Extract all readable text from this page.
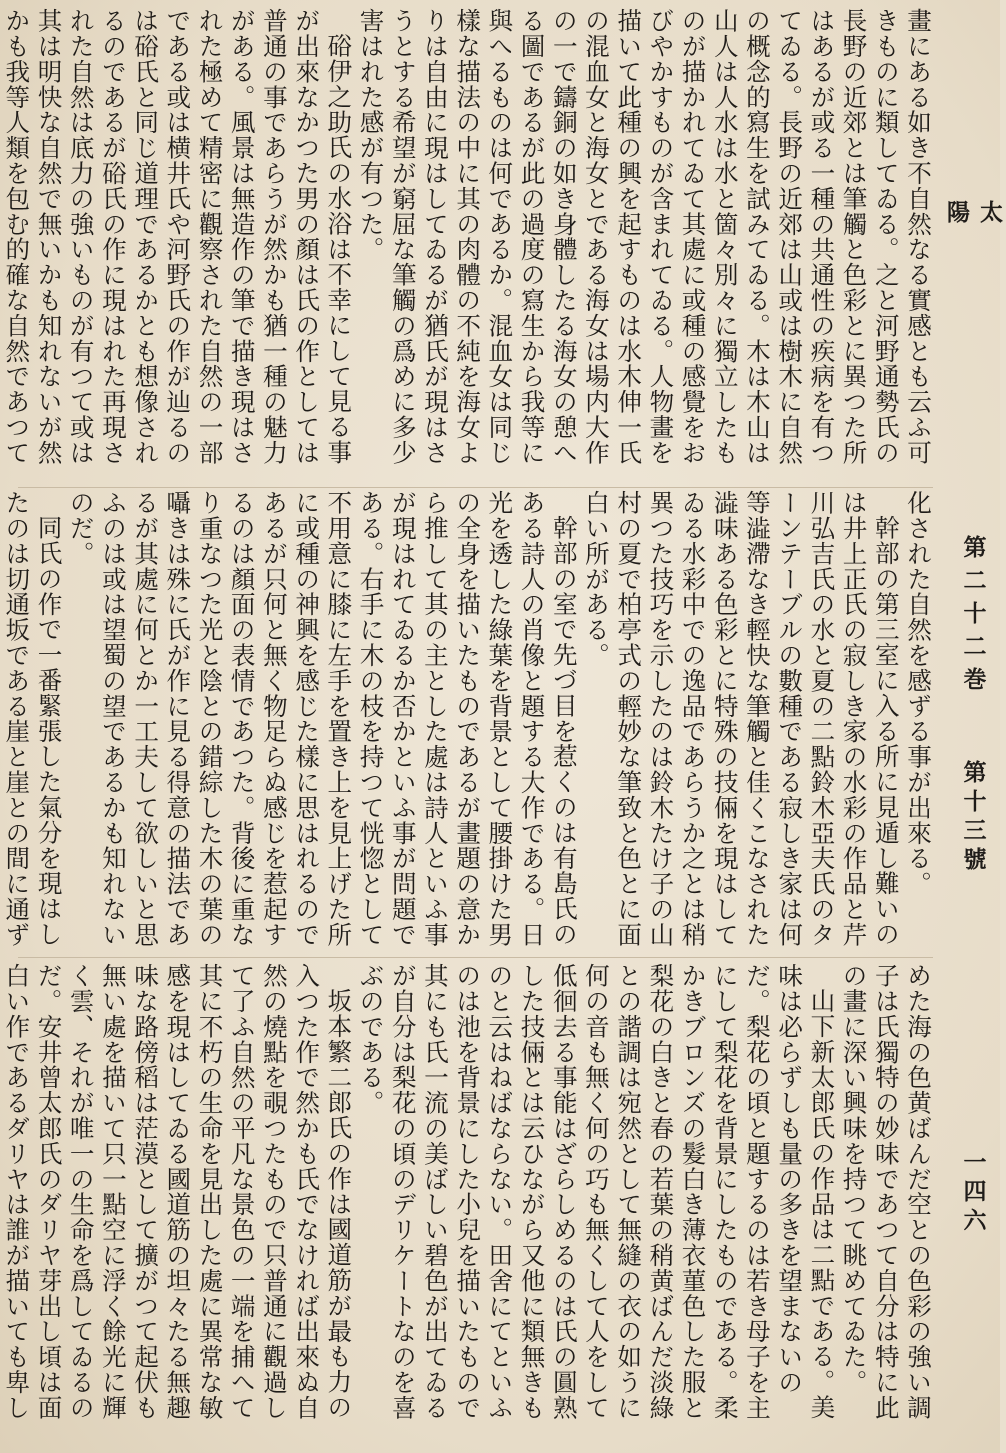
太陽
第二十二巻
第十三號
一四六

畫にある如き不自然なる實感とも云ふ可きものに類してゐる。之と河野通勢氏の長野の近郊とは筆觸と色彩とに異つた所はあるが或る一種の共通性の疾病を有つてゐる。長野の近郊は山或は樹木に自然の概念的寫生を試みてゐる。木は木山は山人は人水は水と箇々別々に獨立したものが描かれてゐて其處に或種の感覺をおびやかすものが含まれてゐる。人物畫を描いて此種の興を起すものは水木伸一氏の混血女と海女とである海女は場内大作の一で鑄銅の如き身體したる海女の憩へる圖であるが此の過度の寫生から我等に與へるものは何であるか。混血女は同じ樣な描法の中に其の肉體の不純を海女よりは自由に現はしてゐるが猶氏が現はさうとする希望が窮屈な筆觸の爲めに多少害はれた感が有つた。

硲伊之助氏の水浴は不幸にして見る事が出來なかつた男の顏は氏の作としては普通の事であらうが然かも猶一種の魅力がある。風景は無造作の筆で描き現はされた極めて精密に觀察された自然の一部である或は横井氏や河野氏の作が辿るのは硲氏と同じ道理であるかとも想像されるのであるが硲氏の作に現はれた再現された自然は底力の強いものが有つて或は其は明快な自然で無いかも知れないが然かも我等人類を包む的確な自然であつて

化された自然を感ずる事が出來る。

幹部の第三室に入る所に見遁し難いのは井上正氏の寂しき家の水彩の作品と芹川弘吉氏の水と夏の二點鈴木亞夫氏のターンテーブルの數種である寂しき家は何等澁滯なき輕快な筆觸と佳くこなされた澁味ある色彩とに特殊の技倆を現はしてゐる水彩中での逸品であらうか之とは稍異つた技巧を示したのは鈴木たけ子の山村の夏で柏亭式の輕妙な筆致と色とに面白い所がある。

幹部の室で先づ目を惹くのは有島氏のある詩人の肖像と題する大作である。日光を透した綠葉を背景として腰掛けた男の全身を描いたものであるが畫題の意から推して其の主とした處は詩人といふ事が現はれてゐるか否かといふ事が問題である。右手に木の枝を持つて恍惚として不用意に膝に左手を置き上を見上げた所に或種の神興を感じた樣に思はれるのであるが只何と無く物足らぬ感じを惹起するのは顏面の表情であつた。背後に重なり重なつた光と陰との錯綜した木の葉の囁きは殊に氏が作に見る得意の描法であるが其處に何とか一工夫して欲しいと思ふのは或は望蜀の望であるかも知れないのだ。

同氏の作で一番緊張した氣分を現はしたのは切通坂である崖と崖との間に通ず

めた海の色黄ばんだ空との色彩の強い調子は氏獨特の妙味であつて自分は特に此の畫に深い興味を持つて眺めてゐた。

山下新太郎氏の作品は二點である。美味は必らずしも量の多きを望まないのだ。梨花の頃と題するのは若き母子を主にして梨花を背景にしたものである。柔かきブロンズの髮白き薄衣菫色した服と梨花の白きと春の若葉の稍黄ばんだ淡綠との諧調は宛然として無縫の衣の如うに何の音も無く何の巧も無くして人をして低徊去る事能はざらしめるのは氏の圓熟した技倆とは云ひながら又他に類無きものと云はねばならない。田舍にてといふのは池を背景にした小兒を描いたもので其にも氏一流の美ばしい碧色が出てゐるが自分は梨花の頃のデリケートなのを喜ぶのである。

坂本繁二郎氏の作は國道筋が最も力の入つた作で然かも氏でなければ出來ぬ自然の燒點を覗つたもので只普通に觀過して了ふ自然の平凡な景色の一端を捕へて其に不朽の生命を見出した處に異常な敏感を現はしてゐる國道筋の坦々たる無趣味な路傍稻は茫漠として擴がつて起伏も無い處を描いて只一點空に浮く餘光に輝く雲、それが唯一の生命を爲してゐるのだ。安井曾太郎氏のダリヤ芽出し頃は面白い作であるダリヤは誰が描いても卑し
